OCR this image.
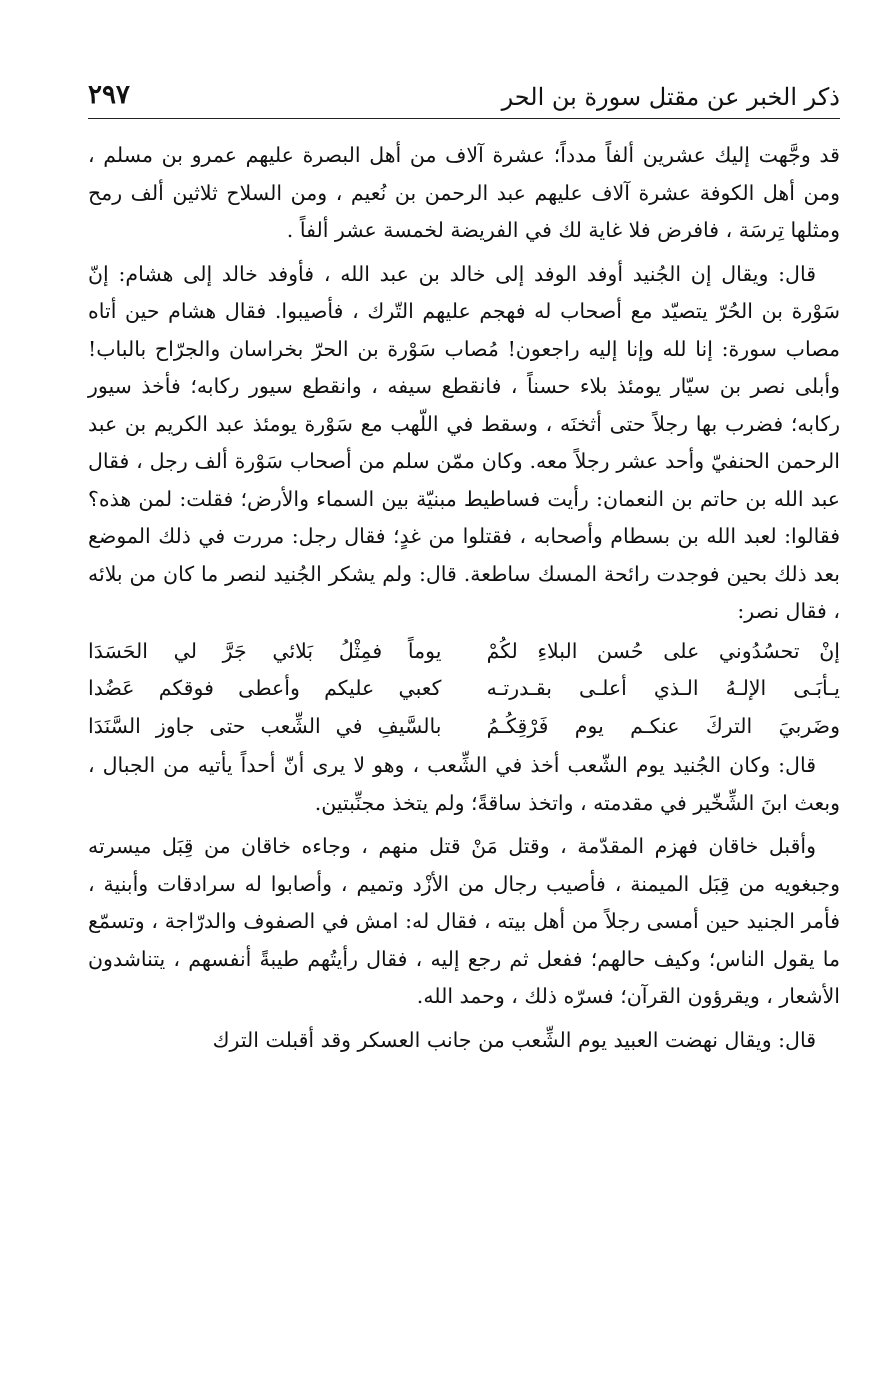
ذكر الخبر عن مقتل سورة بن الحر
٢٩٧

قد وجَّهت إليك عشرين ألفاً مدداً؛ عشرة آلاف من أهل البصرة عليهم عمرو بن مسلم ، ومن أهل الكوفة عشرة آلاف عليهم عبد الرحمن بن نُعيم ، ومن السلاح ثلاثين ألف رمح ومثلها تِرسَة ، فافرض فلا غاية لك في الفريضة لخمسة عشر ألفاً .

قال: ويقال إن الجُنيد أوفد الوفد إلى خالد بن عبد الله ، فأوفد خالد إلى هشام: إنّ سَوْرة بن الحُرّ يتصيّد مع أصحاب له فهجم عليهم التّرك ، فأصيبوا. فقال هشام حين أتاه مصاب سورة: إنا لله وإنا إليه راجعون! مُصاب سَوْرة بن الحرّ بخراسان والجرّاح بالباب! وأبلى نصر بن سيّار يومئذ بلاء حسناً ، فانقطع سيفه ، وانقطع سيور ركابه؛ فأخذ سيور ركابه؛ فضرب بها رجلاً حتى أثخنَه ، وسقط في اللّهب مع سَوْرة يومئذ عبد الكريم بن عبد الرحمن الحنفيّ وأحد عشر رجلاً معه. وكان ممّن سلم من أصحاب سَوْرة ألف رجل ، فقال عبد الله بن حاتم بن النعمان: رأيت فساطيط مبنيّة بين السماء والأرض؛ فقلت: لمن هذه؟ فقالوا: لعبد الله بن بسطام وأصحابه ، فقتلوا من غدٍ؛ فقال رجل: مررت في ذلك الموضع بعد ذلك بحين فوجدت رائحة المسك ساطعة. قال: ولم يشكر الجُنيد لنصر ما كان من بلائه ، فقال نصر:

إنْ تحسُدُوني على حُسن البلاءِ لكُمْ
يوماً فمِثْلُ بَلائي جَرَّ لي الحَسَدَا
يـأبَـى الإلـهُ الـذي أعلـى بقـدرتـه
كعبي عليكم وأعطى فوقكم عَضُدا
وضَربيَ التركَ عنكـم يوم فَرْقِكُـمُ
بالسَّيفِ في الشِّعب حتى جاوز السَّنَدَا

قال: وكان الجُنيد يوم الشّعب أخذ في الشِّعب ، وهو لا يرى أنّ أحداً يأتيه من الجبال ، وبعث ابنَ الشِّخّير في مقدمته ، واتخذ ساقةً؛ ولم يتخذ مجنِّبتين.

وأقبل خاقان فهزم المقدّمة ، وقتل مَنْ قتل منهم ، وجاءه خاقان من قِبَل ميسرته وجبغويه من قِبَل الميمنة ، فأصيب رجال من الأزْد وتميم ، وأصابوا له سرادقات وأبنية ، فأمر الجنيد حين أمسى رجلاً من أهل بيته ، فقال له: امش في الصفوف والدرّاجة ، وتسمّع ما يقول الناس؛ وكيف حالهم؛ ففعل ثم رجع إليه ، فقال رأيتُهم طيبةً أنفسهم ، يتناشدون الأشعار ، ويقرؤون القرآن؛ فسرّه ذلك ، وحمد الله.

قال: ويقال نهضت العبيد يوم الشِّعب من جانب العسكر وقد أقبلت الترك
